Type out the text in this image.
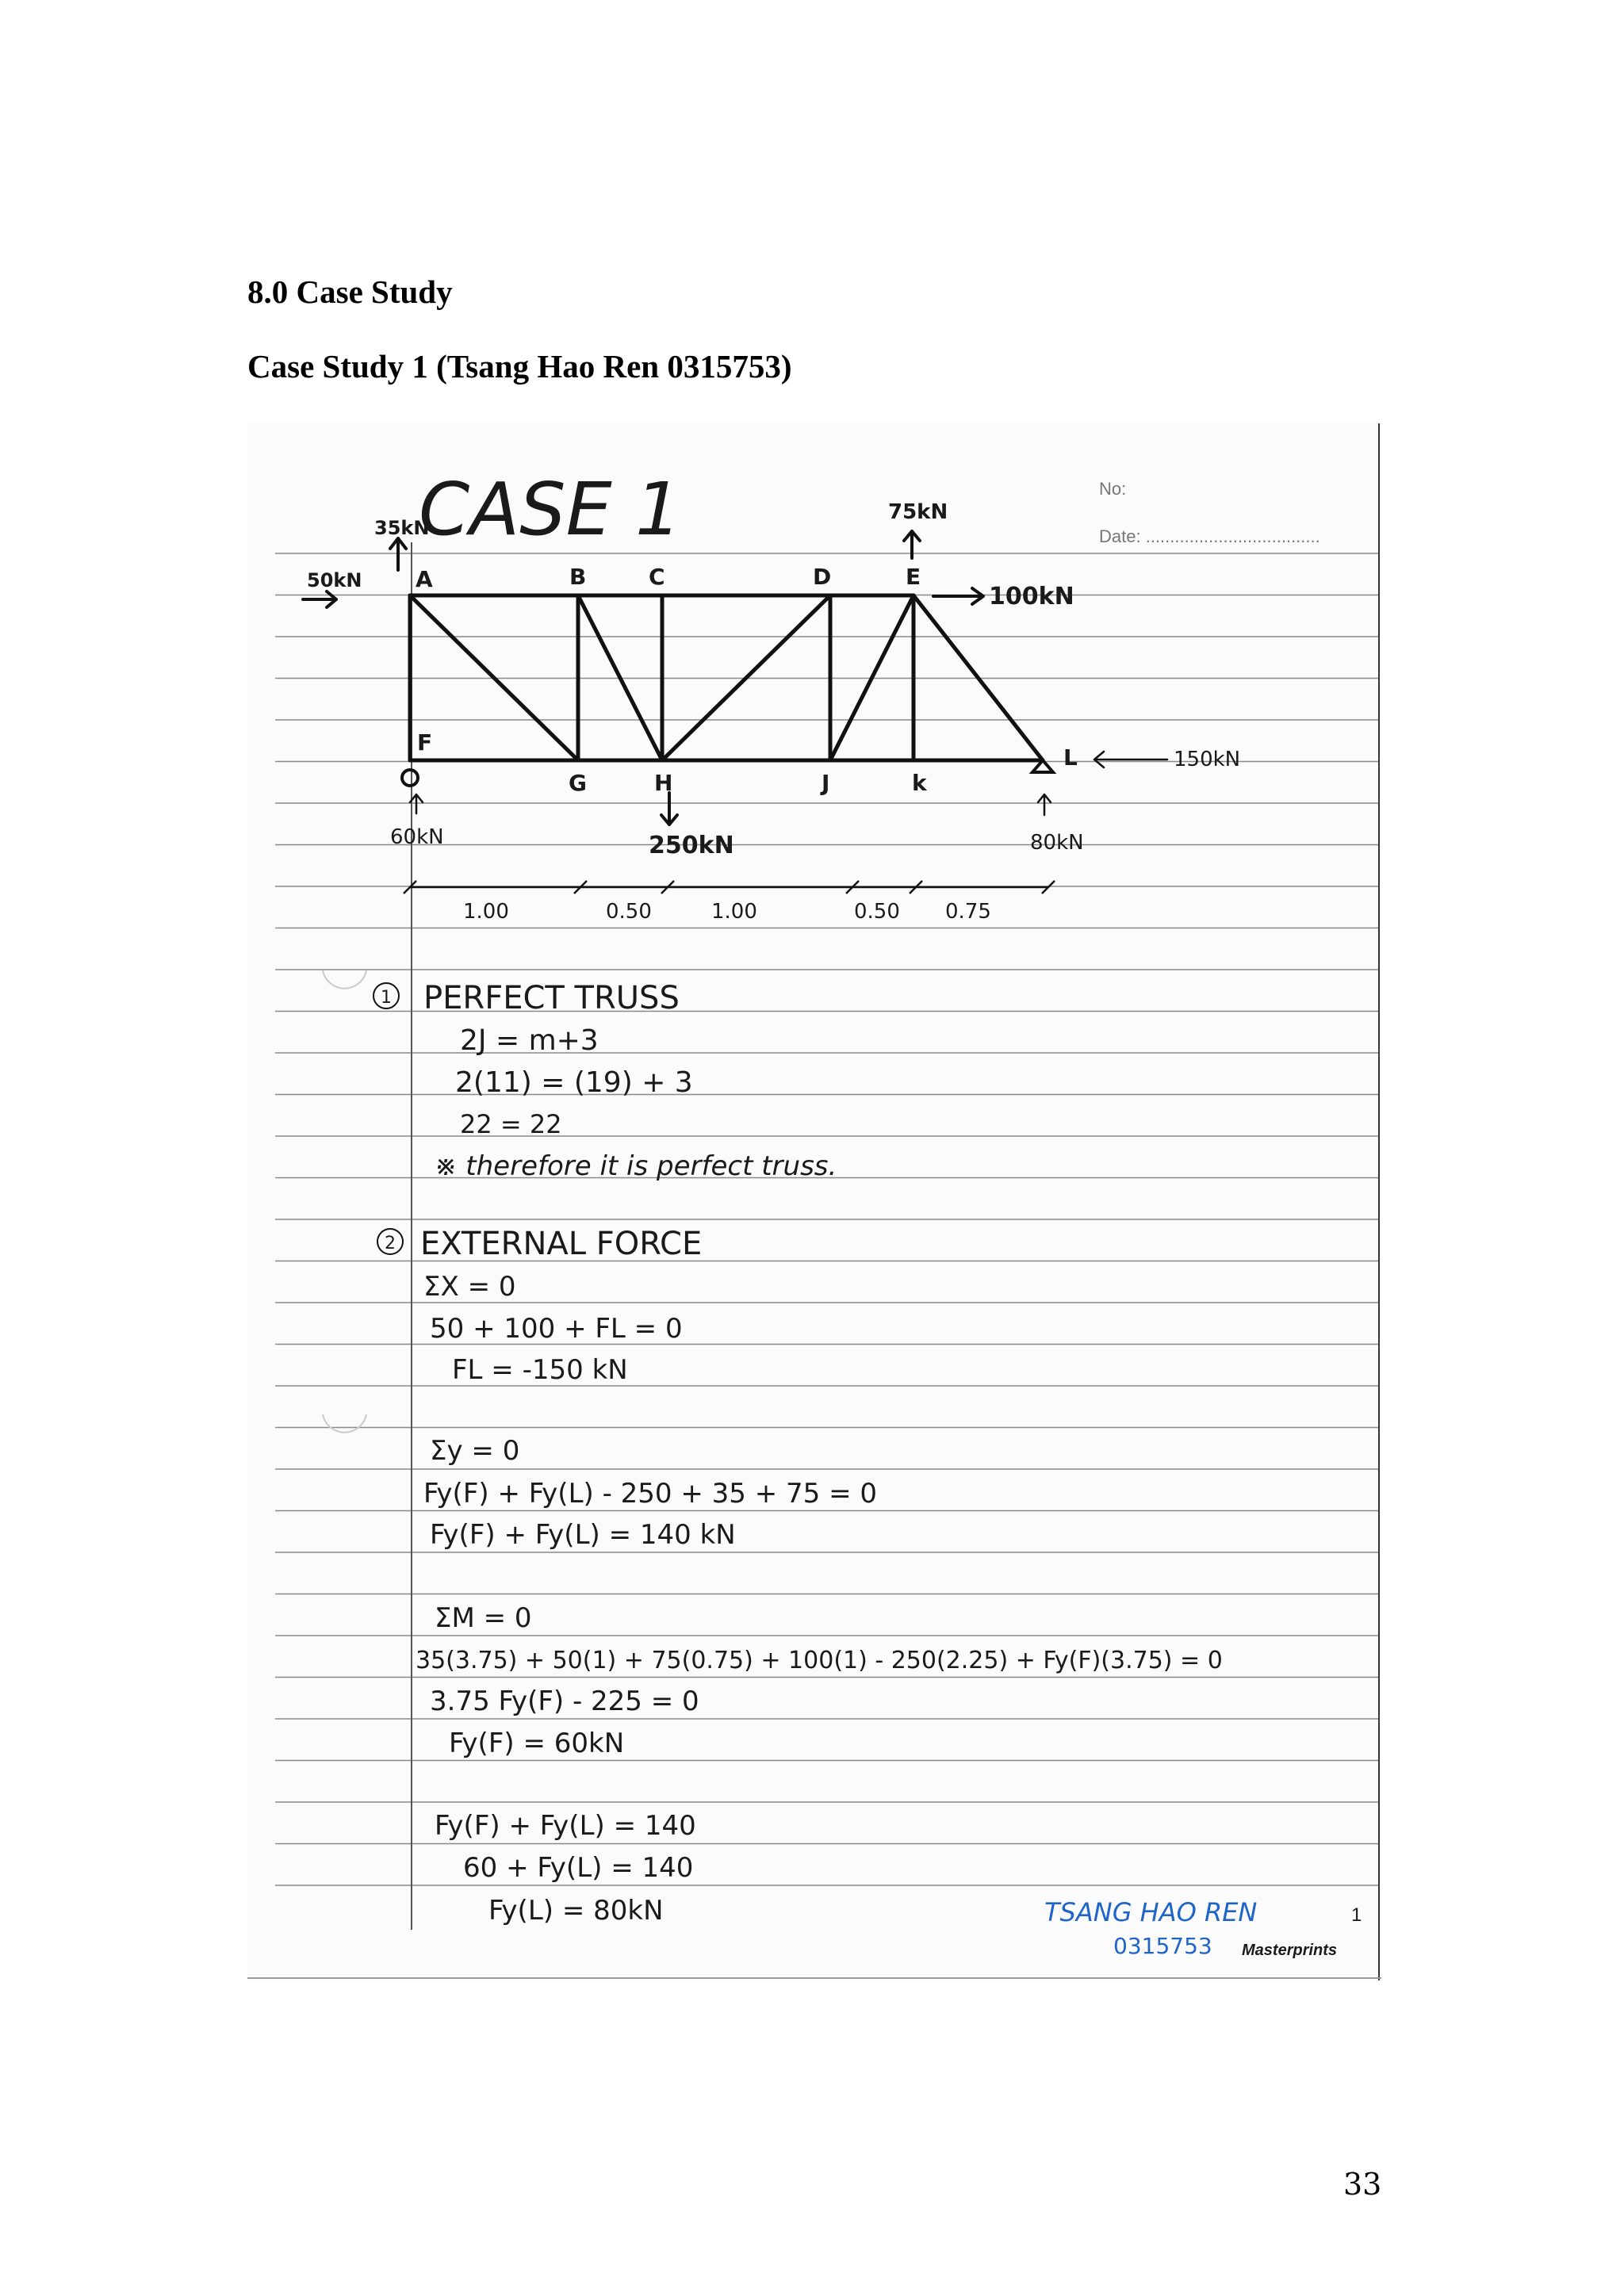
8.0 Case Study
Case Study 1 (Tsang Hao Ren 0315753)
No:
Date: ....................................
CASE 1
A	B	C	D	E
F
G	H	J	k
L
35kN
50kN
75kN
100kN
250kN
150kN
60kN	80kN
1.00	0.50	1.00	0.50 0.75
1 PERFECT TRUSS
2J = m+3
2(11) = (19) + 3
22 = 22
※ therefore it is perfect truss.
2 EXTERNAL FORCE
ΣX = 0
50 + 100 + FL = 0
FL = -150 kN
Σy = 0
Fy(F) + Fy(L) - 250 + 35 + 75 = 0
Fy(F) + Fy(L) = 140 kN
ΣM = 0
35(3.75) + 50(1) + 75(0.75) + 100(1) - 250(2.25) + Fy(F)(3.75) = 0
3.75 Fy(F) - 225 = 0
Fy(F) = 60kN
Fy(F) + Fy(L) = 140
60 + Fy(L) = 140
Fy(L) = 80kN	TSANG HAO REN
0315753 Masterprints
1
33
